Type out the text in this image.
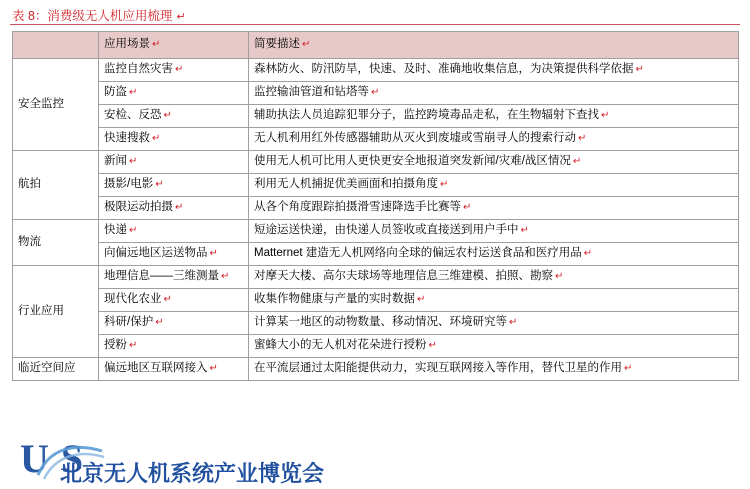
表 8：消费级无人机应用梳理 ↵
	应用场景 ↵	简要描述 ↵
安全监控	监控自然灾害 ↵	森林防火、防汛防旱，快速、及时、准确地收集信息，为决策提供科学依据 ↵
	防盗 ↵	监控输油管道和钻塔等 ↵
	安检、反恐 ↵	辅助执法人员追踪犯罪分子，监控跨境毒品走私，在生物辐射下查找 ↵
	快速搜救 ↵	无人机利用红外传感器辅助从灭火到废墟或雪崩寻人的搜索行动 ↵
航拍	新闻 ↵	使用无人机可比用人更快更安全地报道突发新闻/灾难/战区情况 ↵
	摄影/电影 ↵	利用无人机捕捉优美画面和拍摄角度 ↵
	极限运动拍摄 ↵	从各个角度跟踪拍摄滑雪速降选手比赛等 ↵
物流	快递 ↵	短途运送快递，由快递人员签收或直接送到用户手中 ↵
	向偏远地区运送物品 ↵	Matternet 建造无人机网络向全球的偏远农村运送食品和医疗用品 ↵
行业应用	地理信息——三维测量 ↵	对摩天大楼、高尔夫球场等地理信息三维建模、拍照、勘察 ↵
	现代化农业 ↵	收集作物健康与产量的实时数据 ↵
	科研/保护 ↵	计算某一地区的动物数量、移动情况、环境研究等 ↵
	授粉 ↵	蜜蜂大小的无人机对花朵进行授粉 ↵
临近空间应	偏远地区互联网接入 ↵	在平流层通过太阳能提供动力，实现互联网接入等作用，替代卫星的作用 ↵
U S
北京无人机系统产业博览会
